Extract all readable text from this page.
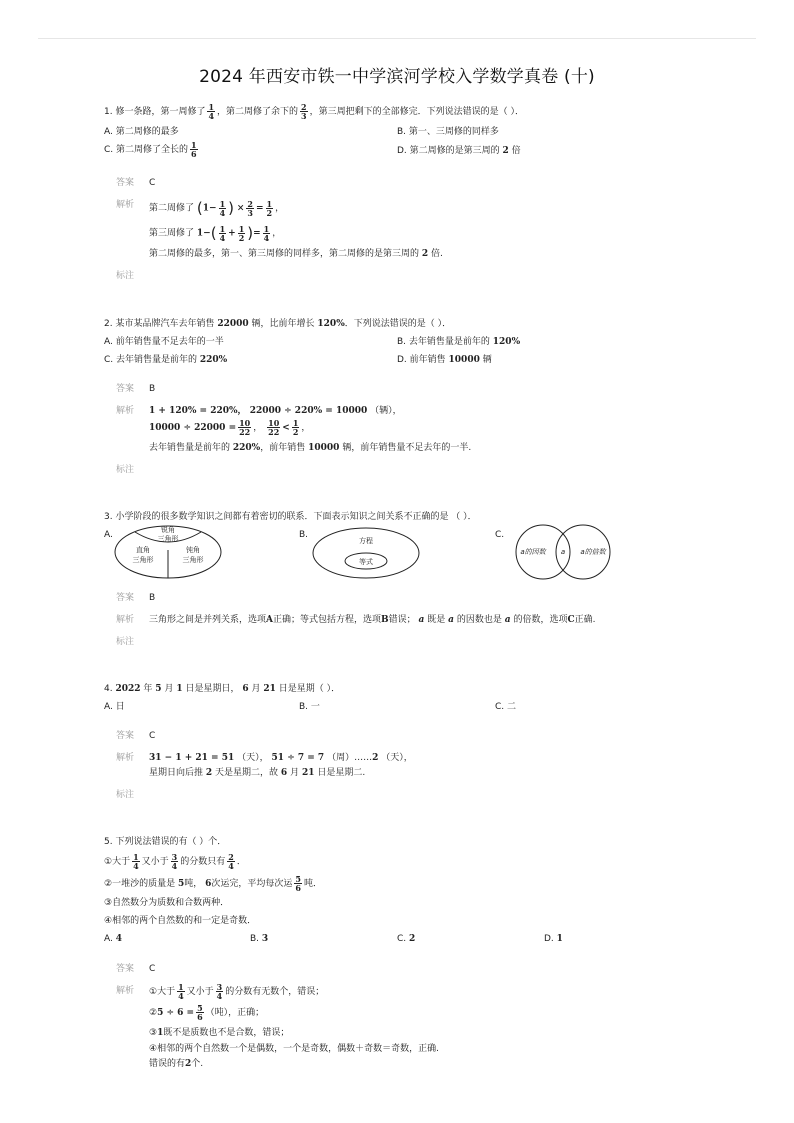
2024 年西安市铁一中学滨河学校入学数学真卷 (十)
1. 修一条路，第一周修了 $\frac{1}{4}$ ，第二周修了余下的 $\frac{2}{3}$ ，第三周把剩下的全部修完．下列说法错误的是（ ）．
A. 第二周修的最多	B. 第一、三周修的同样多
C. 第二周修了全长的 $\frac{1}{6}$	D. 第二周修的是第三周的 2 倍
答案 C
解析 第二周修了 ($1- \frac{1}{4}$ ) × $\frac{2}{3} = \frac{1}{2}$ ，
第三周修了 $1-( \frac{1}{4} + \frac{1}{2}$ )= $\frac{1}{4}$ ，
第二周修的最多，第一、第三周修的同样多，第二周修的是第三周的 2 倍.
标注
2. 某市某品牌汽车去年销售 22000 辆，比前年增长 120%．下列说法错误的是（ ）．
A. 前年销售量不足去年的一半	B. 去年销售量是前年的 120%
C. 去年销售量是前年的 220%	D. 前年销售 10000 辆
答案 B
解析 1 + 120% = 220%， 22000 ÷ 220% = 10000 （辆），
$10000 \div 22000 = \frac{10}{22}$ ， $\frac{10}{22} < \frac{1}{2}$ ，
去年销售量是前年的 220%，前年销售 10000 辆，前年销售量不足去年的一半.
标注
3. 小学阶段的很多数学知识之间都有着密切的联系．下面表示知识之间关系不正确的是 （ ）．
A.	锐角三角形
直角三角形
钝角三角形
B.
方程
等式
C.
a的因数 a a的倍数
答案 B
解析 三角形之间是并列关系，选项A正确；等式包括方程，选项B错误； a 既是 a 的因数也是 a 的倍数，选项C正确.
标注
4. 2022 年 5 月 1 日是星期日， 6 月 21 日是星期（ ）．
A. 日	B. 一	C. 二
答案 C
解析 31 − 1 + 21 = 51 （天）， 51 ÷ 7 = 7 （周）……2 （天），
星期日向后推 2 天是星期二，故 6 月 21 日是星期二.
标注
5. 下列说法错误的有（ ）个．
①大于 $\frac{1}{4}$ 又小于 $\frac{3}{4}$ 的分数只有 $\frac{2}{4}$ ．
②一堆沙的质量是 5吨， 6次运完，平均每次运 $\frac{5}{6}$ 吨．
③自然数分为质数和合数两种．
④相邻的两个自然数的和一定是奇数．
A. 4	B. 3	C. 2	D. 1
答案 C
解析 ①大于 $\frac{1}{4}$ 又小于 $\frac{3}{4}$ 的分数有无数个，错误；
②5 ÷ $6 = \frac{5}{6}$ （吨），正确；
③1既不是质数也不是合数，错误；
④相邻的两个自然数一个是偶数，一个是奇数，偶数＋奇数＝奇数，正确.
错误的有2个.
